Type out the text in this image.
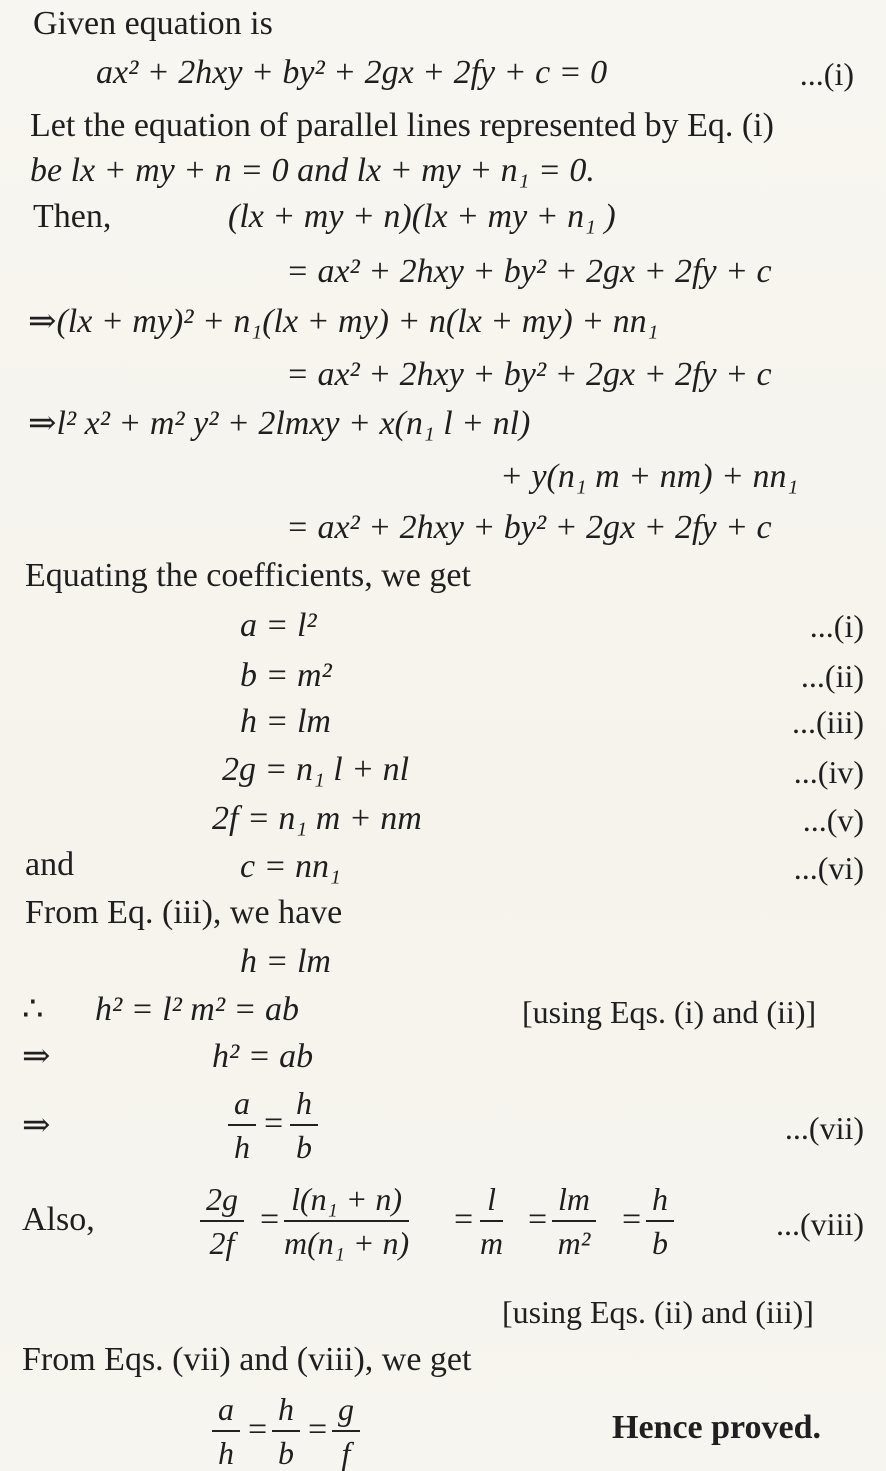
Given equation is
ax² + 2hxy + by² + 2gx + 2fy + c = 0	...(i)
Let the equation of parallel lines represented by Eq. (i)
be lx + my + n = 0 and lx + my + n₁ = 0.
Then,	(lx + my + n)(lx + my + n₁ )
= ax² + 2hxy + by² + 2gx + 2fy + c
⇒(lx + my)² + n₁(lx + my) + n(lx + my) + nn₁
= ax² + 2hxy + by² + 2gx + 2fy + c
⇒l² x² + m² y² + 2lmxy + x(n₁ l + nl)
+ y(n₁ m + nm) + nn₁
= ax² + 2hxy + by² + 2gx + 2fy + c
Equating the coefficients, we get
a = l²	...(i)
b = m²	...(ii)
h = lm	...(iii)
2g = n₁ l + nl	...(iv)
2f = n₁ m + nm	...(v)
and	c = nn₁	...(vi)
From Eq. (iii), we have
h = lm
∴ h² = l² m² = ab	[using Eqs. (i) and (ii)]
⇒	h² = ab
⇒	$\frac{a}{h} = \frac{h}{b}$	...(vii)
Also,	$\frac{2g}{2f} = \frac{\text{l(n₁ + n)}}{\text{m(n₁ + n)}} = \frac{l}{m} = \frac{lm}{\text{m²}} = \frac{h}{b}$	...(viii)
[using Eqs. (ii) and (iii)]
From Eqs. (vii) and (viii), we get
$\frac{a}{h} = \frac{h}{b} = \frac{g}{f}$	Hence proved.
